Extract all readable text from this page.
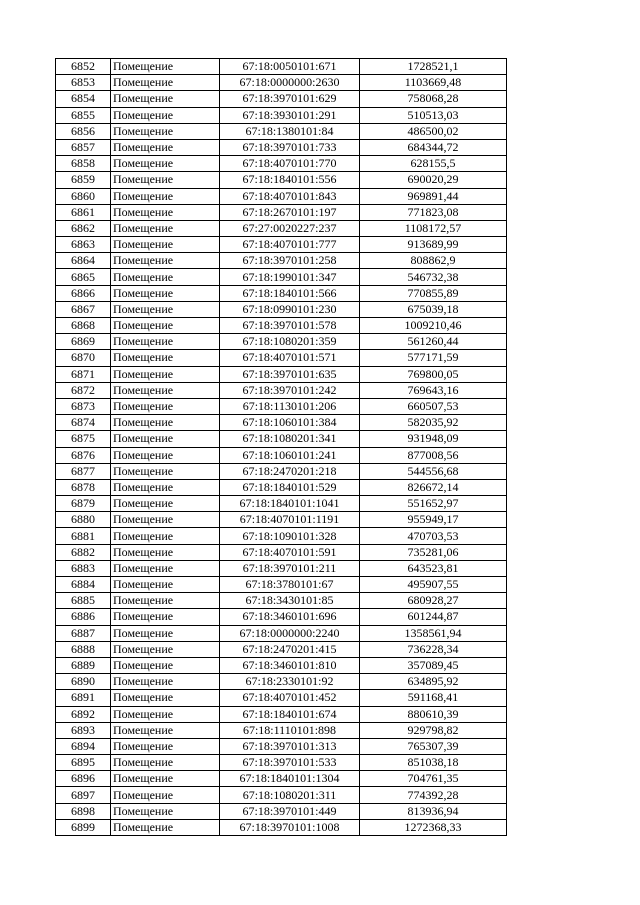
6852	Помещение	67:18:0050101:671	1728521,1
6853	Помещение	67:18:0000000:2630	1103669,48
6854	Помещение	67:18:3970101:629	758068,28
6855	Помещение	67:18:3930101:291	510513,03
6856	Помещение	67:18:1380101:84	486500,02
6857	Помещение	67:18:3970101:733	684344,72
6858	Помещение	67:18:4070101:770	628155,5
6859	Помещение	67:18:1840101:556	690020,29
6860	Помещение	67:18:4070101:843	969891,44
6861	Помещение	67:18:2670101:197	771823,08
6862	Помещение	67:27:0020227:237	1108172,57
6863	Помещение	67:18:4070101:777	913689,99
6864	Помещение	67:18:3970101:258	808862,9
6865	Помещение	67:18:1990101:347	546732,38
6866	Помещение	67:18:1840101:566	770855,89
6867	Помещение	67:18:0990101:230	675039,18
6868	Помещение	67:18:3970101:578	1009210,46
6869	Помещение	67:18:1080201:359	561260,44
6870	Помещение	67:18:4070101:571	577171,59
6871	Помещение	67:18:3970101:635	769800,05
6872	Помещение	67:18:3970101:242	769643,16
6873	Помещение	67:18:1130101:206	660507,53
6874	Помещение	67:18:1060101:384	582035,92
6875	Помещение	67:18:1080201:341	931948,09
6876	Помещение	67:18:1060101:241	877008,56
6877	Помещение	67:18:2470201:218	544556,68
6878	Помещение	67:18:1840101:529	826672,14
6879	Помещение	67:18:1840101:1041	551652,97
6880	Помещение	67:18:4070101:1191	955949,17
6881	Помещение	67:18:1090101:328	470703,53
6882	Помещение	67:18:4070101:591	735281,06
6883	Помещение	67:18:3970101:211	643523,81
6884	Помещение	67:18:3780101:67	495907,55
6885	Помещение	67:18:3430101:85	680928,27
6886	Помещение	67:18:3460101:696	601244,87
6887	Помещение	67:18:0000000:2240	1358561,94
6888	Помещение	67:18:2470201:415	736228,34
6889	Помещение	67:18:3460101:810	357089,45
6890	Помещение	67:18:2330101:92	634895,92
6891	Помещение	67:18:4070101:452	591168,41
6892	Помещение	67:18:1840101:674	880610,39
6893	Помещение	67:18:1110101:898	929798,82
6894	Помещение	67:18:3970101:313	765307,39
6895	Помещение	67:18:3970101:533	851038,18
6896	Помещение	67:18:1840101:1304	704761,35
6897	Помещение	67:18:1080201:311	774392,28
6898	Помещение	67:18:3970101:449	813936,94
6899	Помещение	67:18:3970101:1008	1272368,33
